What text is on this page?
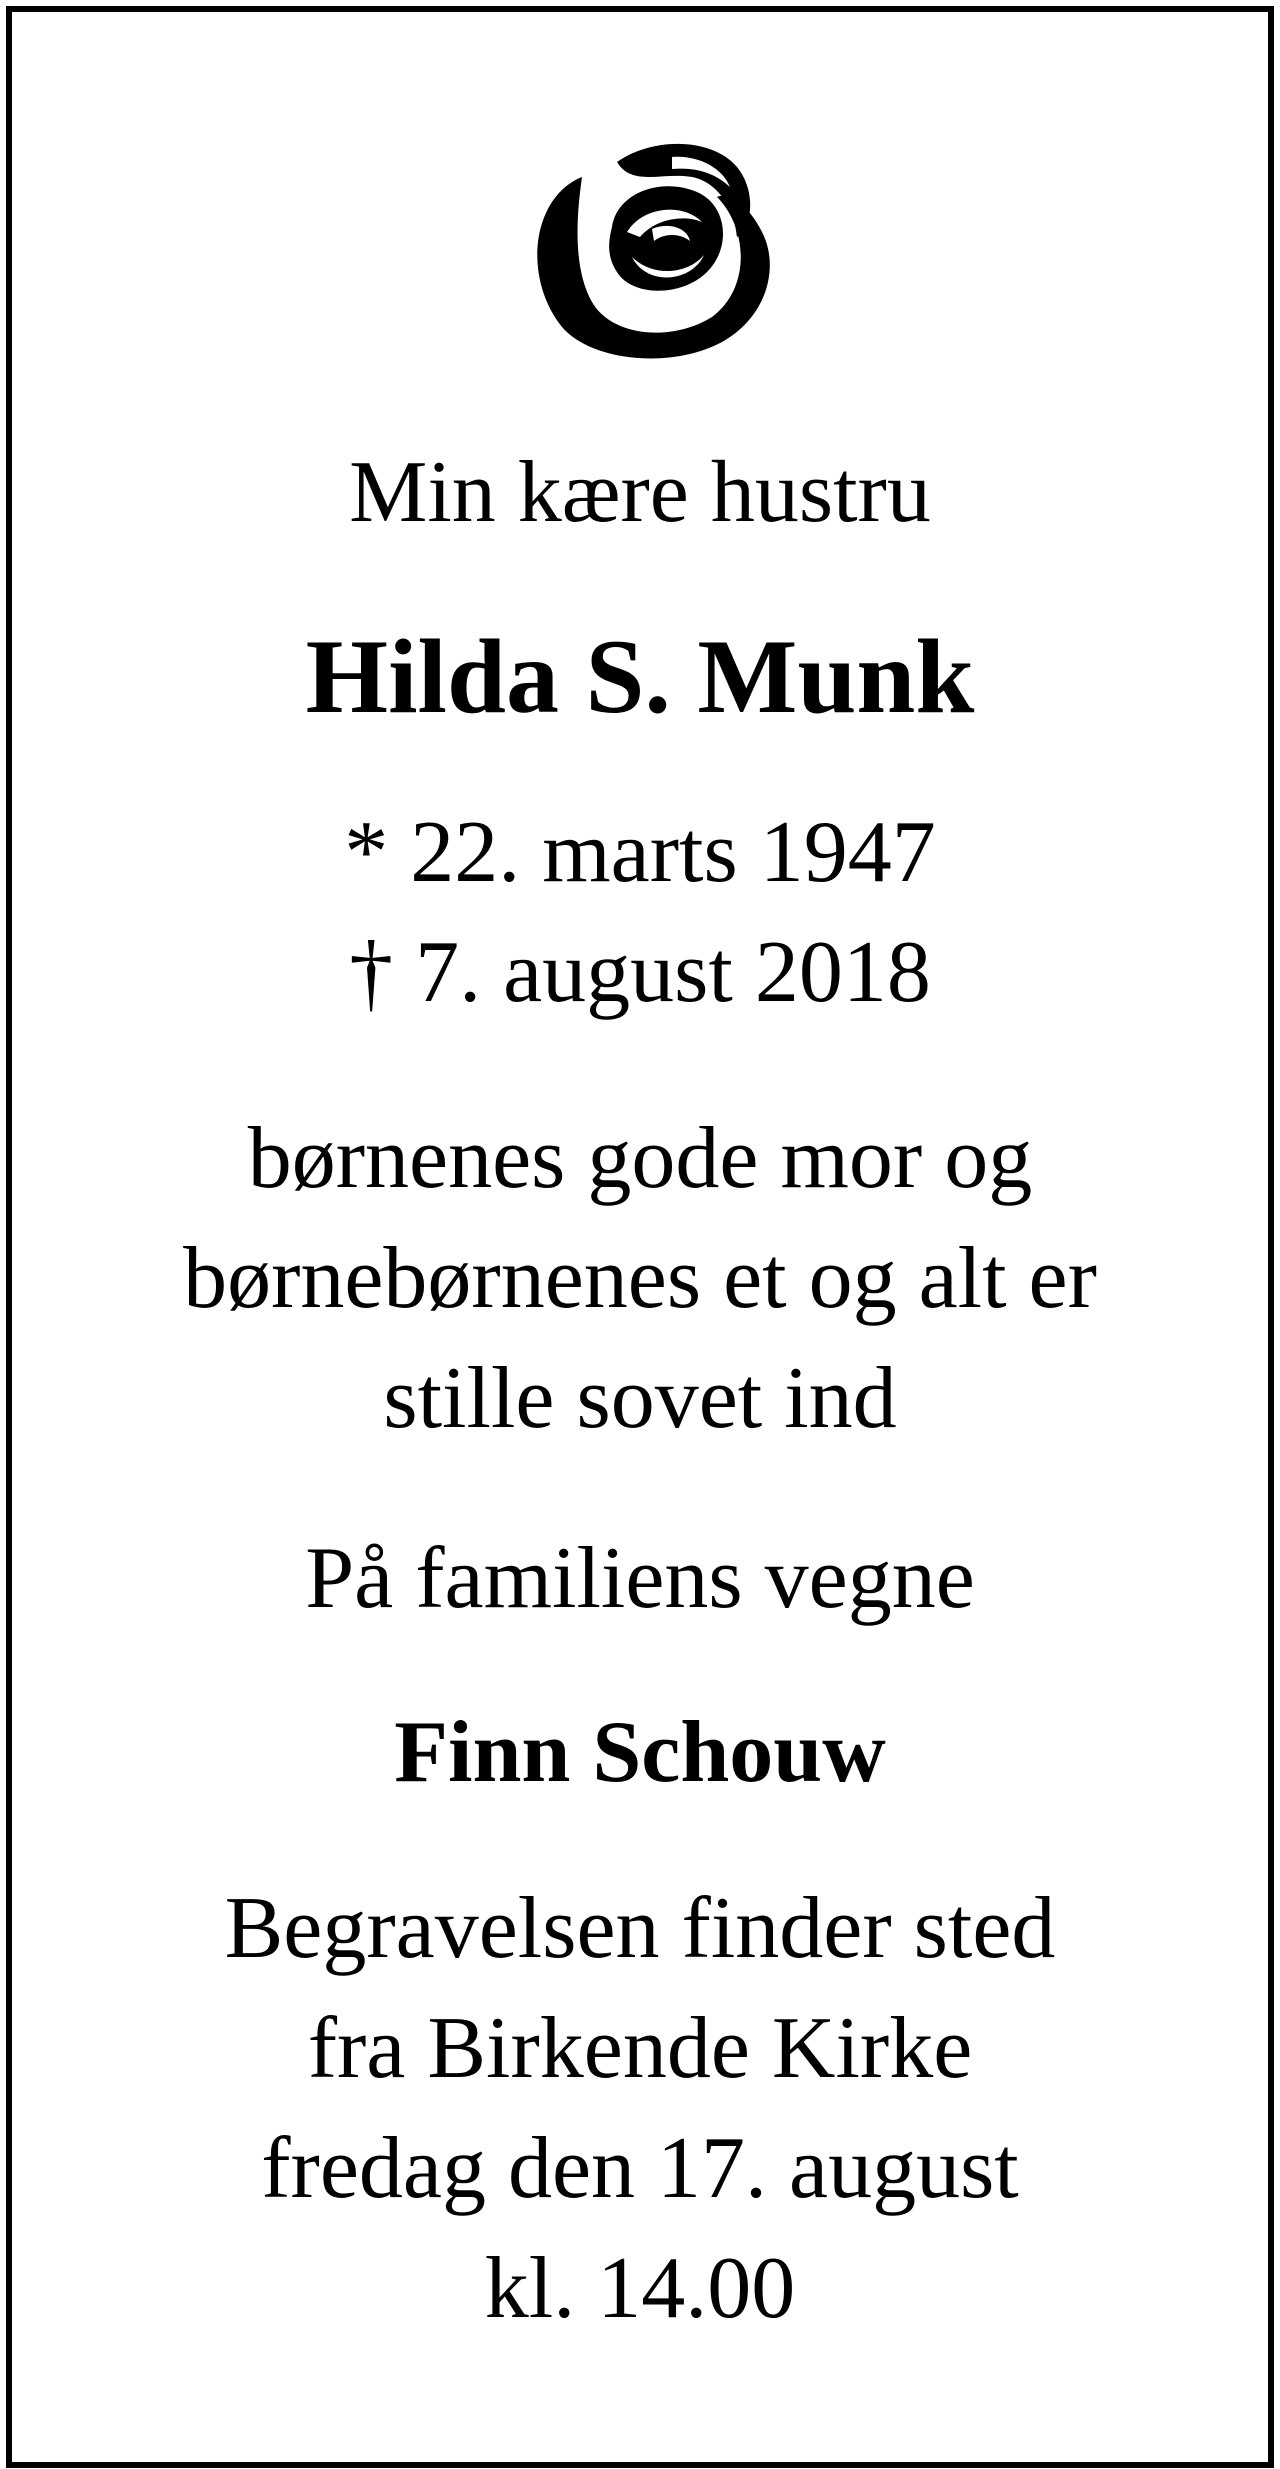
Min kære hustru
Hilda S. Munk
* 22. marts 1947
† 7. august 2018
børnenes gode mor og
børnebørnenes et og alt er
stille sovet ind
På familiens vegne
Finn Schouw
Begravelsen finder sted
fra Birkende Kirke
fredag den 17. august
kl. 14.00
